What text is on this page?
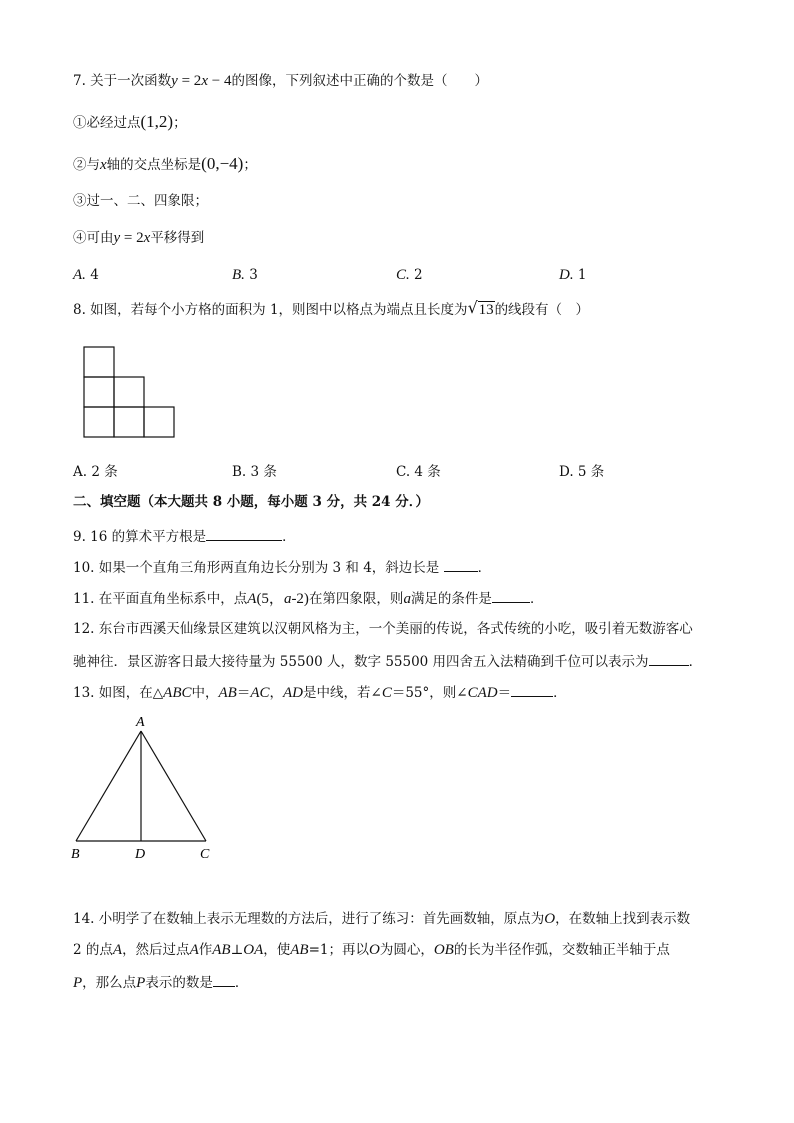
7. 关于一次函数y = 2x − 4的图像，下列叙述中正确的个数是（　　）
①必经过点(1,2)；
②与x轴的交点坐标是(0,−4)；
③过一、二、四象限；
④可由y = 2x平移得到
A. 4	B. 3	C. 2	D. 1
8. 如图，若每个小方格的面积为 1，则图中以格点为端点且长度为 √ 13的线段有（　）
A. 2 条	B. 3 条	C. 4 条	D. 5 条
二、填空题（本大题共 8 小题，每小题 3 分，共 24 分．）
9. 16 的算术平方根是	．
10. 如果一个直角三角形两直角边长分别为 3 和 4，斜边长是	．
11. 在平面直角坐标系中，点A(5，a-2)在第四象限，则a满足的条件是	．
12. 东台市西溪天仙缘景区建筑以汉朝风格为主，一个美丽的传说，各式传统的小吃，吸引着无数游客心
驰神往．景区游客日最大接待量为 55500 人，数字 55500 用四舍五入法精确到千位可以表示为	．
13. 如图，在△ABC中，AB＝AC，AD是中线，若∠C＝55°，则∠CAD＝	．
A
B	D	C
14. 小明学了在数轴上表示无理数的方法后，进行了练习：首先画数轴，原点为O，在数轴上找到表示数
2 的点A，然后过点A作AB⊥OA，使AB=1；再以O为圆心，OB的长为半径作弧，交数轴正半轴于点
P，那么点P表示的数是 ．
